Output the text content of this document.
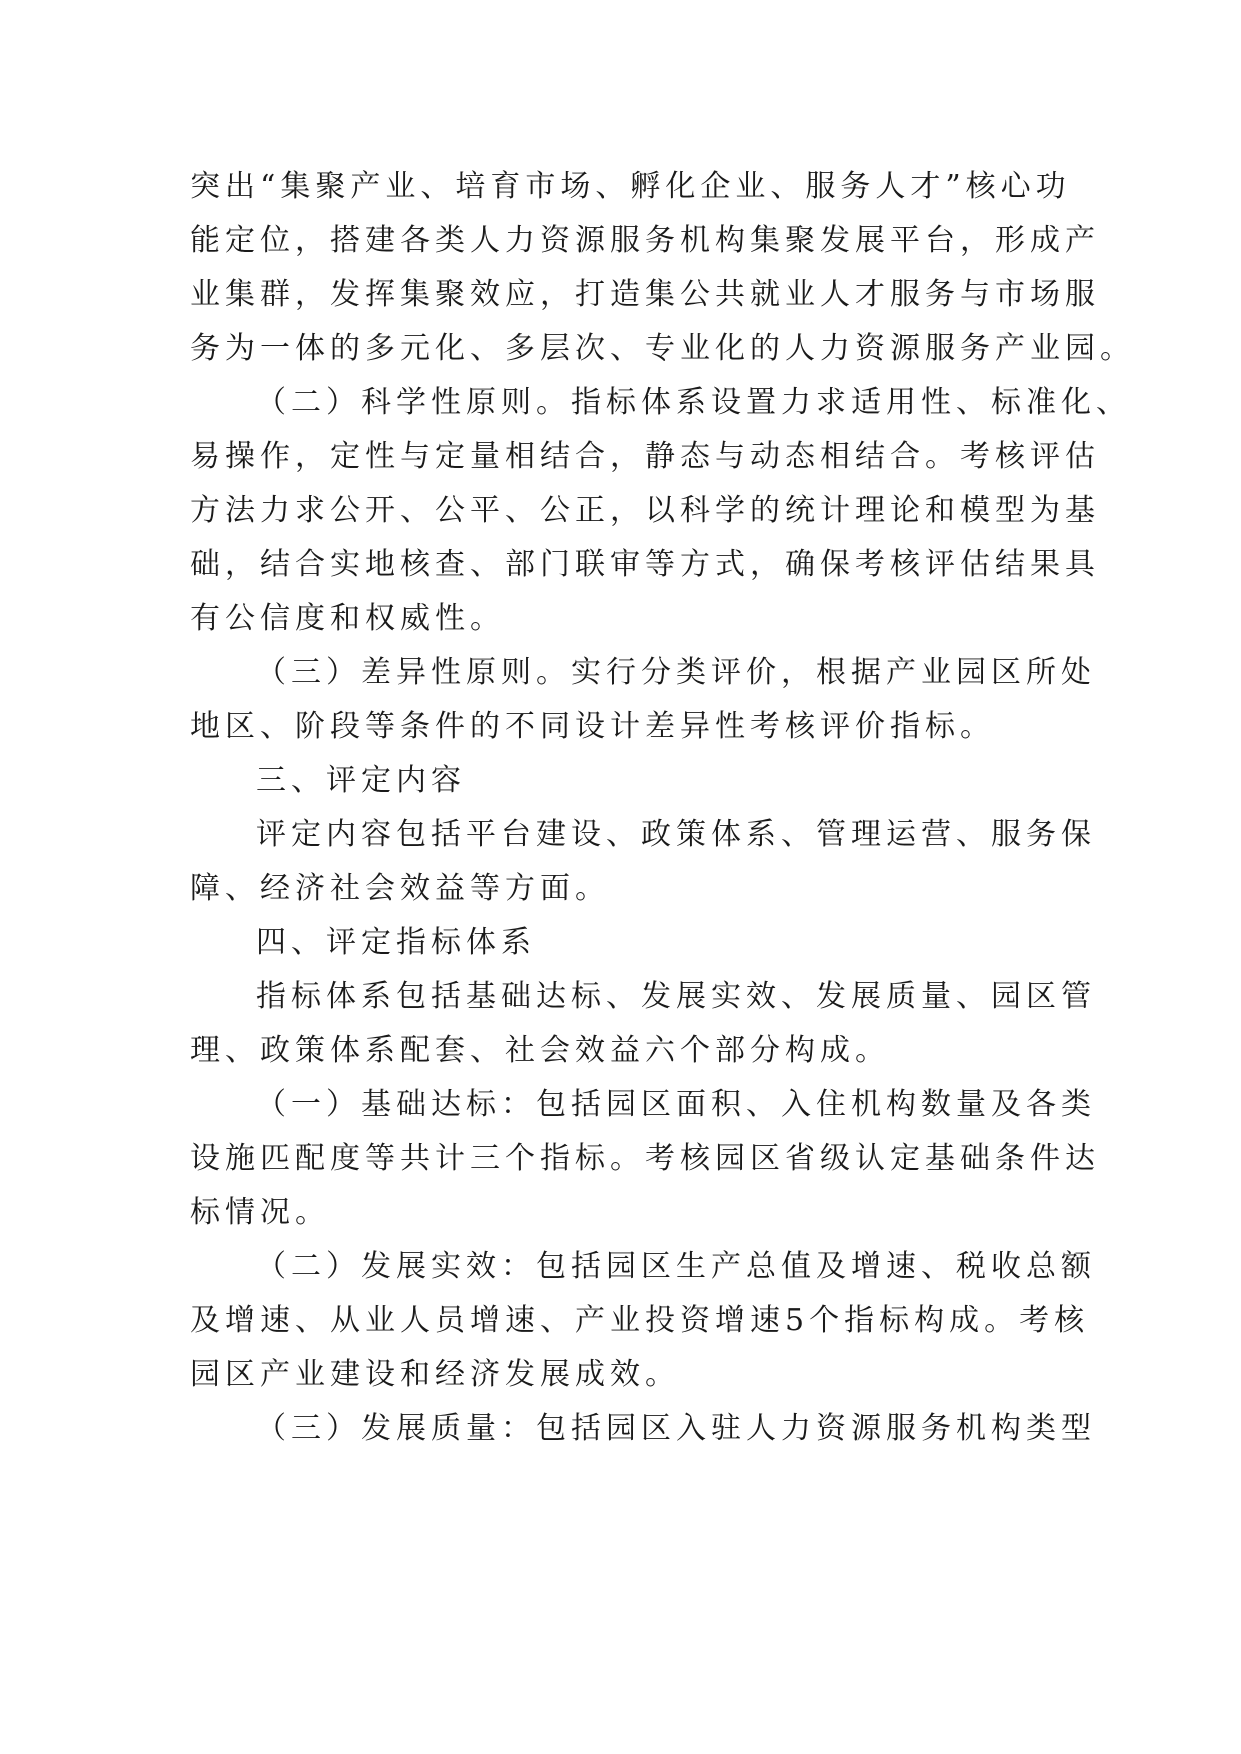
突出“集聚产业、培育市场、孵化企业、服务人才”核心功
能定位，搭建各类人力资源服务机构集聚发展平台，形成产
业集群，发挥集聚效应，打造集公共就业人才服务与市场服
务为一体的多元化、多层次、专业化的人力资源服务产业园。
（二）科学性原则。指标体系设置力求适用性、标准化、
易操作，定性与定量相结合，静态与动态相结合。考核评估
方法力求公开、公平、公正，以科学的统计理论和模型为基
础，结合实地核查、部门联审等方式，确保考核评估结果具
有公信度和权威性。
（三）差异性原则。实行分类评价，根据产业园区所处
地区、阶段等条件的不同设计差异性考核评价指标。
三、评定内容
评定内容包括平台建设、政策体系、管理运营、服务保
障、经济社会效益等方面。
四、评定指标体系
指标体系包括基础达标、发展实效、发展质量、园区管
理、政策体系配套、社会效益六个部分构成。
（一）基础达标：包括园区面积、入住机构数量及各类
设施匹配度等共计三个指标。考核园区省级认定基础条件达
标情况。
（二）发展实效：包括园区生产总值及增速、税收总额
及增速、从业人员增速、产业投资增速5个指标构成。考核
园区产业建设和经济发展成效。
（三）发展质量：包括园区入驻人力资源服务机构类型
